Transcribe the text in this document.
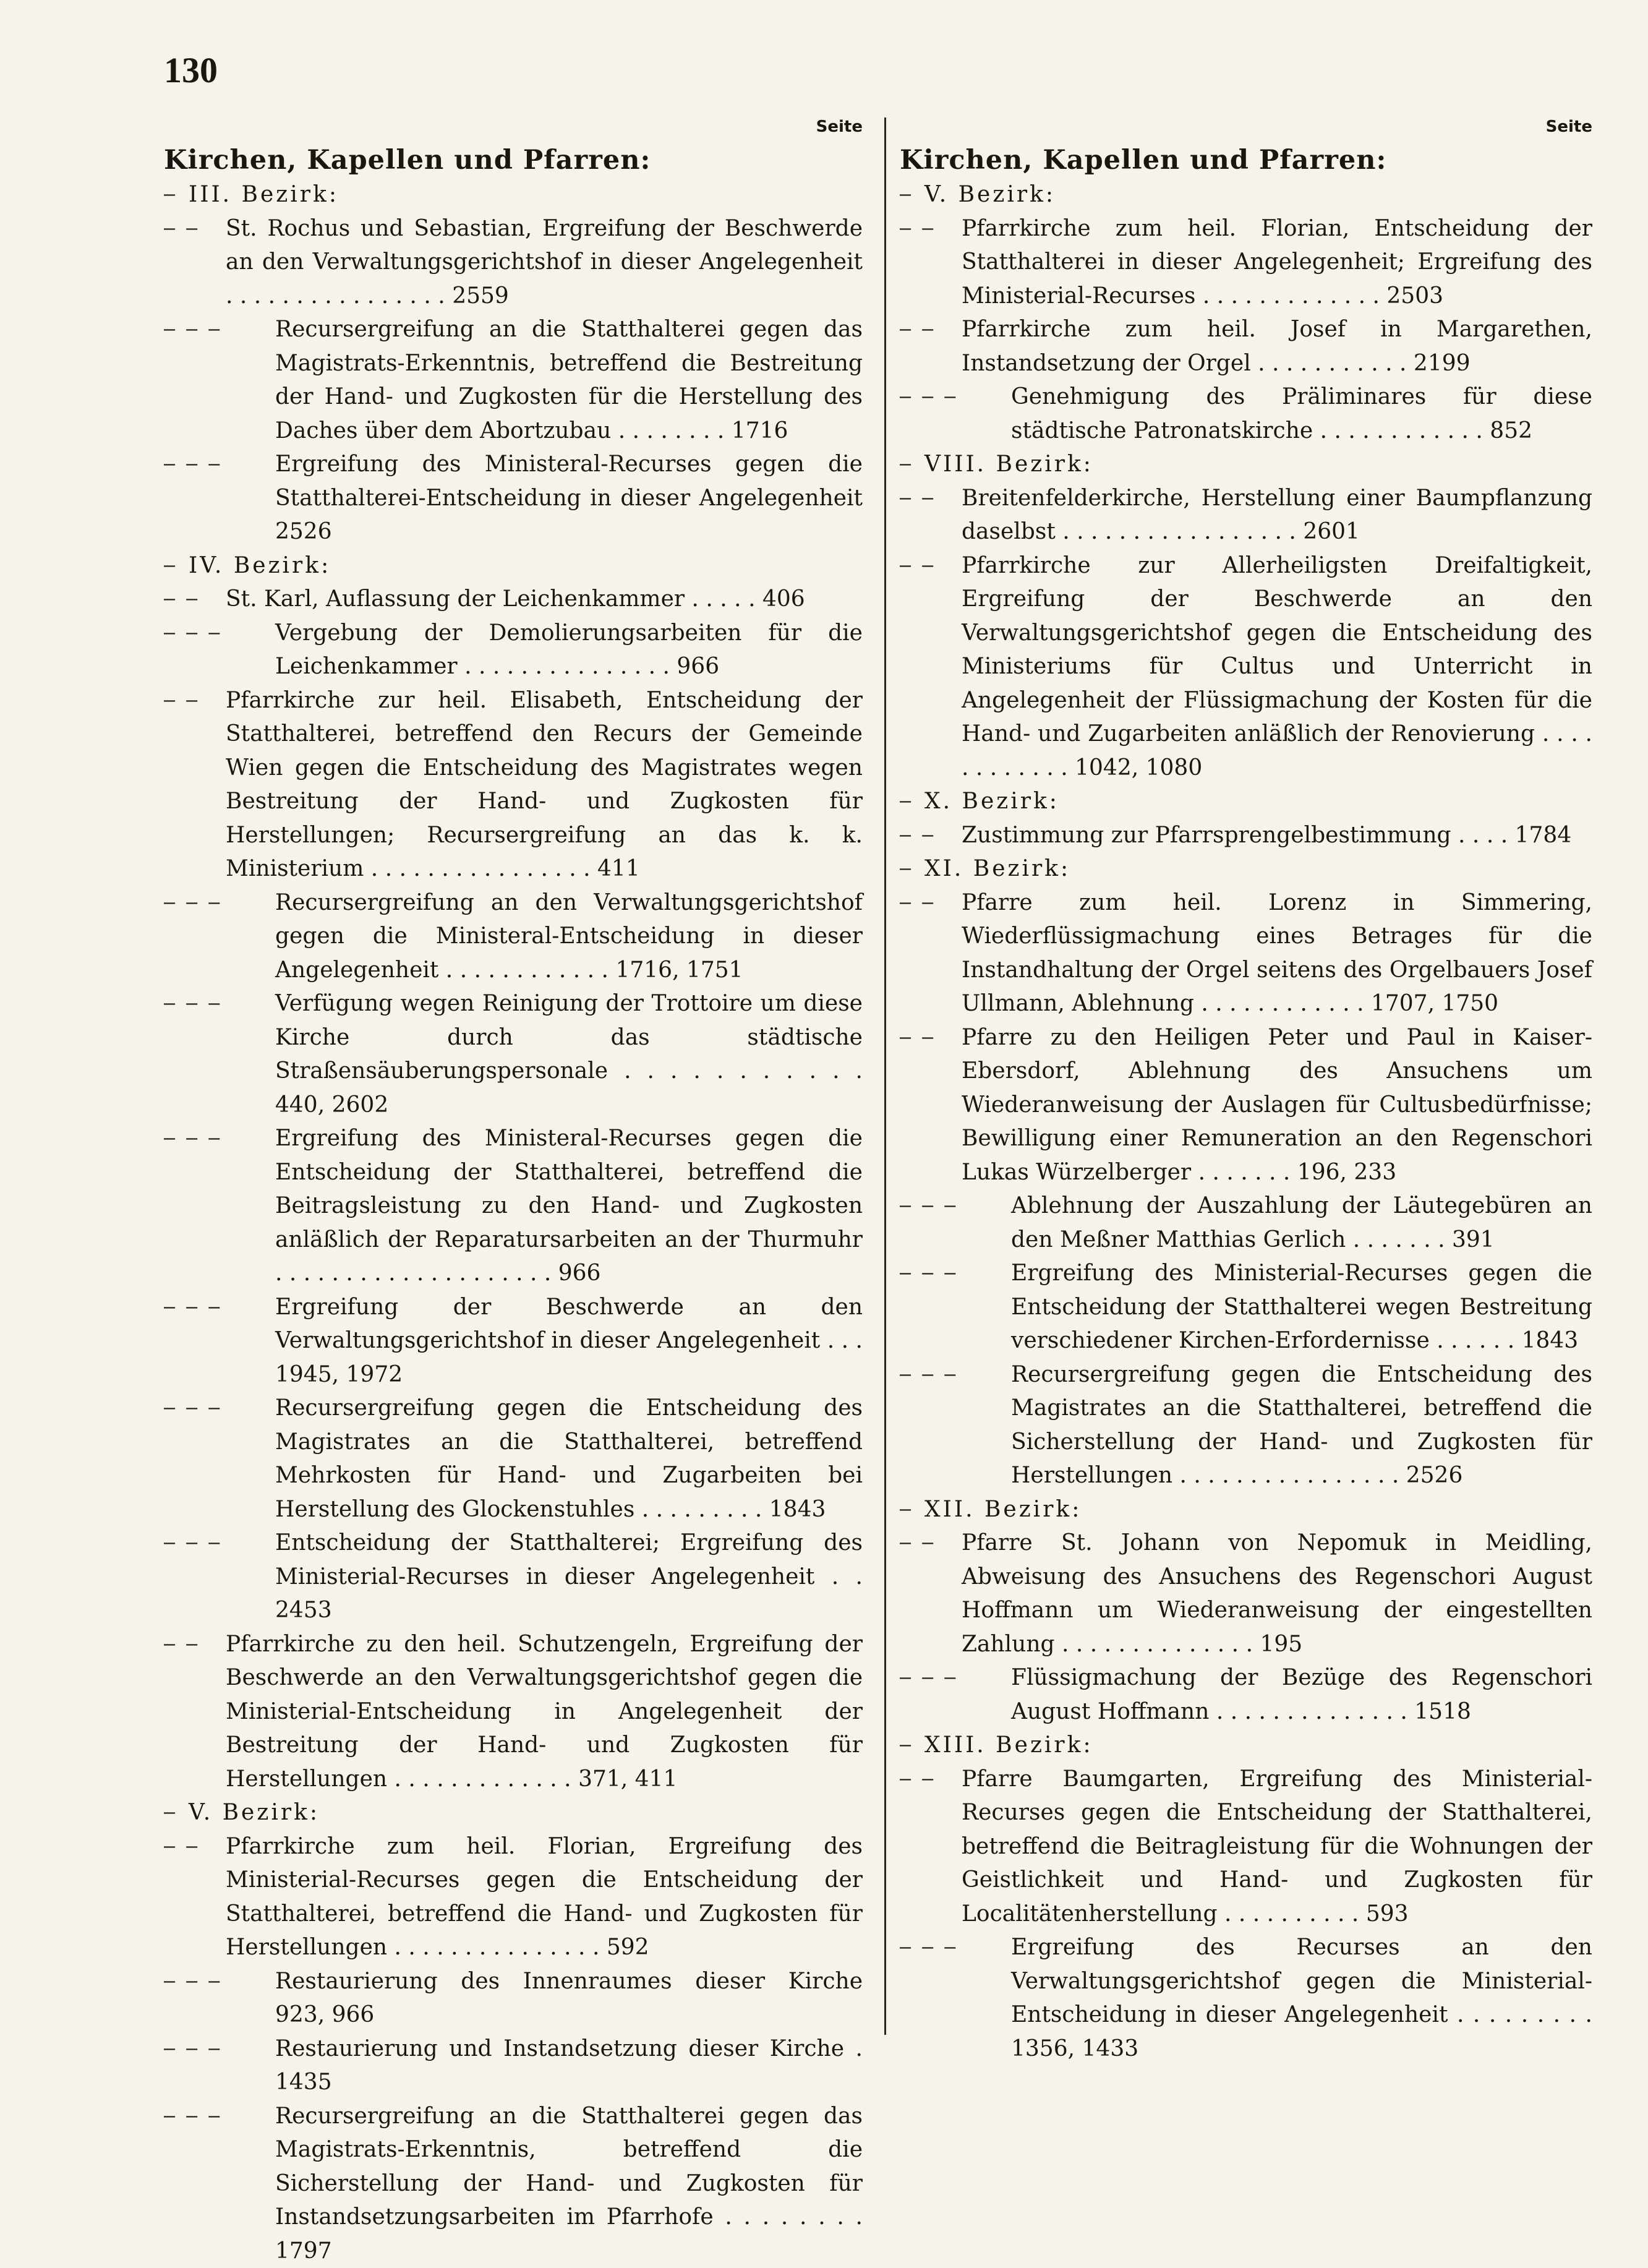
130
Seite
Kirchen, Kapellen und Pfarren:
— III. Bezirk:
— —	St. Rochus und Sebastian, Ergreifung der Beschwerde an den Verwaltungsgerichtshof in dieser Angelegenheit . . . . . . . . . . . . . . . . 2559
— — —	Recursergreifung an die Statthalterei gegen das Magistrats-Erkenntnis, betreffend die Bestreitung der Hand- und Zugkosten für die Herstellung des Daches über dem Abortzubau . . . . . . . . 1716
— — —	Ergreifung des Ministeral-Recurses gegen die Statthalterei-Entscheidung in dieser Angelegenheit 2526
— IV. Bezirk:
— —	St. Karl, Auflassung der Leichenkammer . . . . . 406
— — —	Vergebung der Demolierungsarbeiten für die Leichenkammer . . . . . . . . . . . . . . . 966
— —	Pfarrkirche zur heil. Elisabeth, Entscheidung der Statthalterei, betreffend den Recurs der Gemeinde Wien gegen die Entscheidung des Magistrates wegen Bestreitung der Hand- und Zugkosten für Herstellungen; Recursergreifung an das k. k. Ministerium . . . . . . . . . . . . . . . . 411
— — —	Recursergreifung an den Verwaltungsgerichtshof gegen die Ministeral-Entscheidung in dieser Angelegenheit . . . . . . . . . . . . 1716, 1751
— — —	Verfügung wegen Reinigung der Trottoire um diese Kirche durch das städtische Straßensäuberungspersonale . . . . . . . . . . . 440, 2602
— — —	Ergreifung des Ministeral-Recurses gegen die Entscheidung der Statthalterei, betreffend die Beitragsleistung zu den Hand- und Zugkosten anläßlich der Reparatursarbeiten an der Thurmuhr . . . . . . . . . . . . . . . . . . . . 966
— — —	Ergreifung der Beschwerde an den Verwaltungsgerichtshof in dieser Angelegenheit . . . 1945, 1972
— — —	Recursergreifung gegen die Entscheidung des Magistrates an die Statthalterei, betreffend Mehrkosten für Hand- und Zugarbeiten bei Herstellung des Glockenstuhles . . . . . . . . . 1843
— — —	Entscheidung der Statthalterei; Ergreifung des Ministerial-Recurses in dieser Angelegenheit . . 2453
— —	Pfarrkirche zu den heil. Schutzengeln, Ergreifung der Beschwerde an den Verwaltungsgerichtshof gegen die Ministerial-Entscheidung in Angelegenheit der Bestreitung der Hand- und Zugkosten für Herstellungen . . . . . . . . . . . . . 371, 411
— V. Bezirk:
— —	Pfarrkirche zum heil. Florian, Ergreifung des Ministerial-Recurses gegen die Entscheidung der Statthalterei, betreffend die Hand- und Zugkosten für Herstellungen . . . . . . . . . . . . . . . 592
— — —	Restaurierung des Innenraumes dieser Kirche 923, 966
— — —	Restaurierung und Instandsetzung dieser Kirche . 1435
— — —	Recursergreifung an die Statthalterei gegen das Magistrats-Erkenntnis, betreffend die Sicherstellung der Hand- und Zugkosten für Instandsetzungsarbeiten im Pfarrhofe . . . . . . . . 1797
Seite
Kirchen, Kapellen und Pfarren:
— V. Bezirk:
— —	Pfarrkirche zum heil. Florian, Entscheidung der Statthalterei in dieser Angelegenheit; Ergreifung des Ministerial-Recurses . . . . . . . . . . . . . 2503
— —	Pfarrkirche zum heil. Josef in Margarethen, Instandsetzung der Orgel . . . . . . . . . . . 2199
— — —	Genehmigung des Präliminares für diese städtische Patronatskirche . . . . . . . . . . . . 852
— VIII. Bezirk:
— —	Breitenfelderkirche, Herstellung einer Baumpflanzung daselbst . . . . . . . . . . . . . . . . . 2601
— —	Pfarrkirche zur Allerheiligsten Dreifaltigkeit, Ergreifung der Beschwerde an den Verwaltungsgerichtshof gegen die Entscheidung des Ministeriums für Cultus und Unterricht in Angelegenheit der Flüssigmachung der Kosten für die Hand- und Zugarbeiten anläßlich der Renovierung . . . . . . . . . . . . 1042, 1080
— X. Bezirk:
— —	Zustimmung zur Pfarrsprengelbestimmung . . . . 1784
— XI. Bezirk:
— —	Pfarre zum heil. Lorenz in Simmering, Wiederflüssigmachung eines Betrages für die Instandhaltung der Orgel seitens des Orgelbauers Josef Ullmann, Ablehnung . . . . . . . . . . . . 1707, 1750
— —	Pfarre zu den Heiligen Peter und Paul in Kaiser-Ebersdorf, Ablehnung des Ansuchens um Wiederanweisung der Auslagen für Cultusbedürfnisse; Bewilligung einer Remuneration an den Regenschori Lukas Würzelberger . . . . . . . 196, 233
— — —	Ablehnung der Auszahlung der Läutegebüren an den Meßner Matthias Gerlich . . . . . . . 391
— — —	Ergreifung des Ministerial-Recurses gegen die Entscheidung der Statthalterei wegen Bestreitung verschiedener Kirchen-Erfordernisse . . . . . . 1843
— — —	Recursergreifung gegen die Entscheidung des Magistrates an die Statthalterei, betreffend die Sicherstellung der Hand- und Zugkosten für Herstellungen . . . . . . . . . . . . . . . . 2526
— XII. Bezirk:
— —	Pfarre St. Johann von Nepomuk in Meidling, Abweisung des Ansuchens des Regenschori August Hoffmann um Wiederanweisung der eingestellten Zahlung . . . . . . . . . . . . . . 195
— — —	Flüssigmachung der Bezüge des Regenschori August Hoffmann . . . . . . . . . . . . . . 1518
— XIII. Bezirk:
— —	Pfarre Baumgarten, Ergreifung des Ministerial-Recurses gegen die Entscheidung der Statthalterei, betreffend die Beitragleistung für die Wohnungen der Geistlichkeit und Hand- und Zugkosten für Localitätenherstellung . . . . . . . . . . 593
— — —	Ergreifung des Recurses an den Verwaltungsgerichtshof gegen die Ministerial-Entscheidung in dieser Angelegenheit . . . . . . . . . 1356, 1433
